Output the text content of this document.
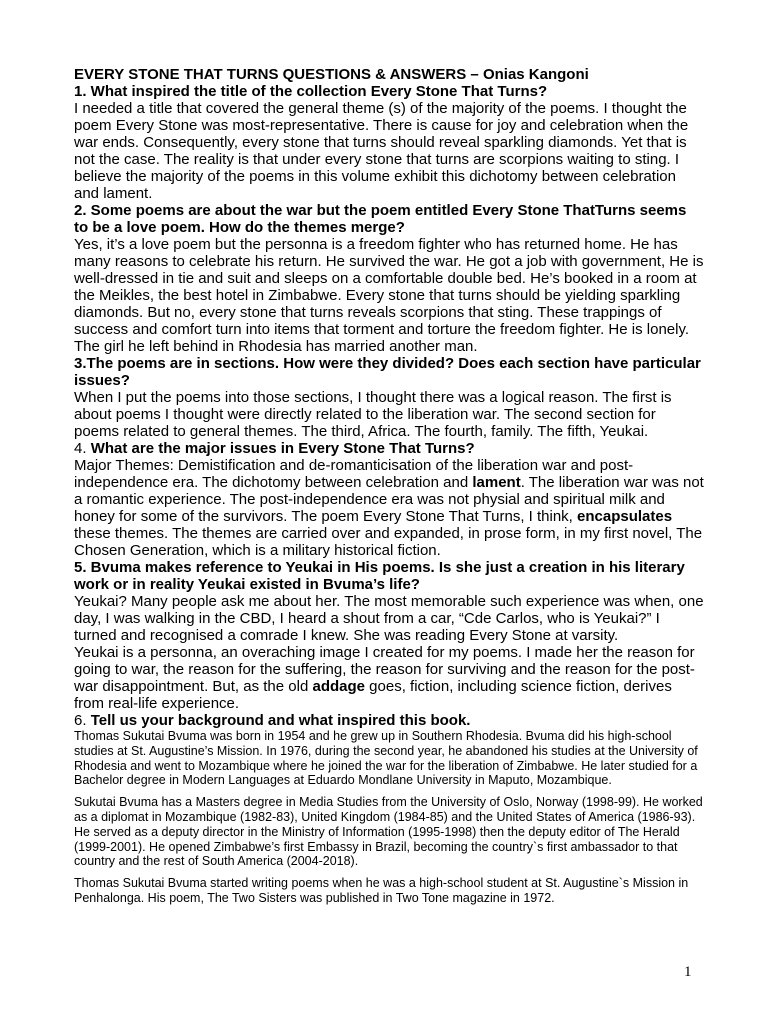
EVERY STONE THAT TURNS QUESTIONS & ANSWERS – Onias Kangoni

1. What inspired the title of the collection Every Stone That Turns?

I needed a title that covered the general theme (s) of the majority of the poems. I thought the poem Every Stone was most-representative. There is cause for joy and celebration when the war ends. Consequently, every stone that turns should reveal sparkling diamonds. Yet that is not the case. The reality is that under every stone that turns are scorpions waiting to sting. I believe the majority of the poems in this volume exhibit this dichotomy between celebration and lament.

2. Some poems are about the war but the poem entitled Every Stone ThatTurns seems to be a love poem. How do the themes merge?

Yes, it’s a love poem but the personna is a freedom fighter who has returned home. He has many reasons to celebrate his return. He survived the war. He got a job with government, He is well-dressed in tie and suit and sleeps on a comfortable double bed. He’s booked in a room at the Meikles, the best hotel in Zimbabwe. Every stone that turns should be yielding sparkling diamonds. But no, every stone that turns reveals scorpions that sting. These trappings of success and comfort turn into items that torment and torture the freedom fighter. He is lonely. The girl he left behind in Rhodesia has married another man.

3.The poems are in sections. How were they divided? Does each section have particular issues?

When I put the poems into those sections, I thought there was a logical reason. The first is about poems I thought were directly related to the liberation war. The second section for poems related to general themes. The third, Africa. The fourth, family. The fifth, Yeukai.

4. What are the major issues in Every Stone That Turns?

Major Themes: Demistification and de-romanticisation of the liberation war and post-independence era. The dichotomy between celebration and lament. The liberation war was not a romantic experience. The post-independence era was not physial and spiritual milk and honey for some of the survivors. The poem Every Stone That Turns, I think, encapsulates these themes. The themes are carried over and expanded, in prose form, in my first novel, The Chosen Generation, which is a military historical fiction.

5. Bvuma makes reference to Yeukai in His poems. Is she just a creation in his literary work or in reality Yeukai existed in Bvuma’s life?

Yeukai? Many people ask me about her. The most memorable such experience was when, one day, I was walking in the CBD, I heard a shout from a car, “Cde Carlos, who is Yeukai?” I turned and recognised a comrade I knew. She was reading Every Stone at varsity.

Yeukai is a personna, an overaching image I created for my poems. I made her the reason for going to war, the reason for the suffering, the reason for surviving and the reason for the post-war disappointment. But, as the old addage goes, fiction, including science fiction, derives from real-life experience.

6. Tell us your background and what inspired this book.

Thomas Sukutai Bvuma was born in 1954 and he grew up in Southern Rhodesia. Bvuma did his high-school studies at St. Augustine’s Mission. In 1976, during the second year, he abandoned his studies at the University of Rhodesia and went to Mozambique where he joined the war for the liberation of Zimbabwe. He later studied for a Bachelor degree in Modern Languages at Eduardo Mondlane University in Maputo, Mozambique.

Sukutai Bvuma has a Masters degree in Media Studies from the University of Oslo, Norway (1998-99). He worked as a diplomat in Mozambique (1982-83), United Kingdom (1984-85) and the United States of America (1986-93). He served as a deputy director in the Ministry of Information (1995-1998) then the deputy editor of The Herald (1999-2001). He opened Zimbabwe’s first Embassy in Brazil, becoming the country`s first ambassador to that country and the rest of South America (2004-2018).

Thomas Sukutai Bvuma started writing poems when he was a high-school student at St. Augustine`s Mission in Penhalonga. His poem, The Two Sisters was published in Two Tone magazine in 1972.

1
